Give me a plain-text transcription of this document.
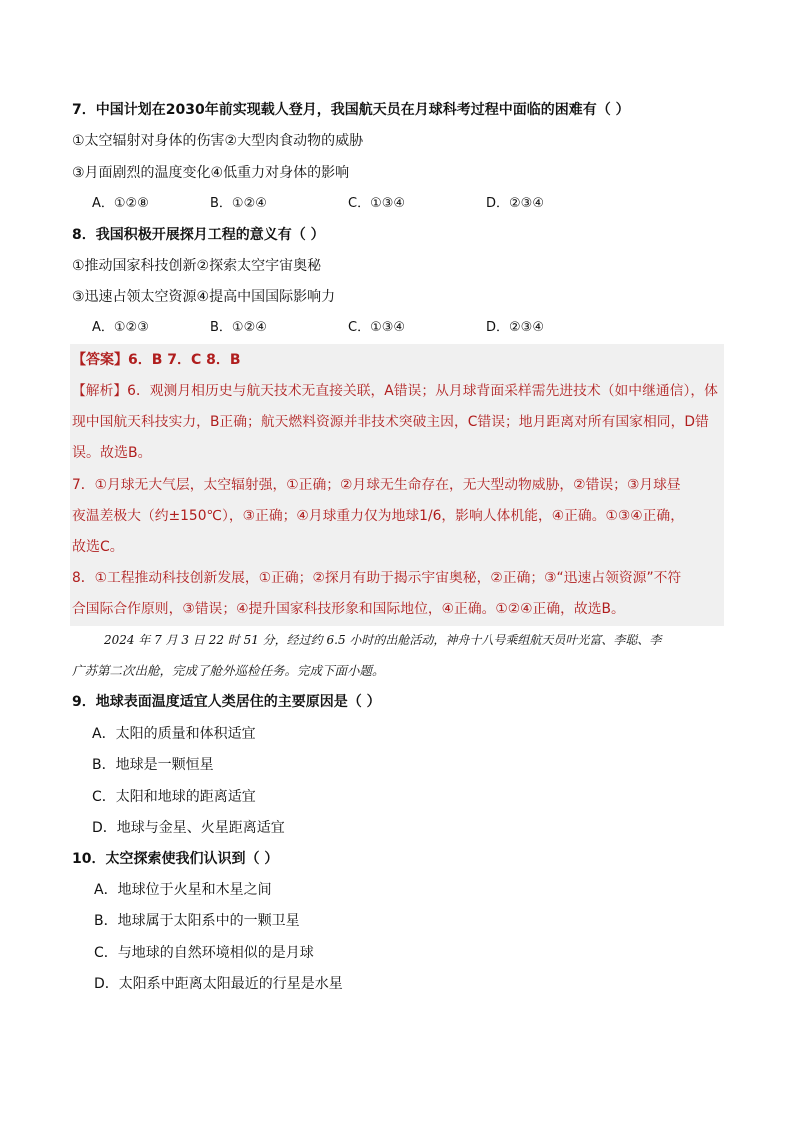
7．中国计划在2030年前实现载人登月，我国航天员在月球科考过程中面临的困难有（ ）
①太空辐射对身体的伤害②大型肉食动物的威胁
③月面剧烈的温度变化④低重力对身体的影响
A．①②⑧	B．①②④	C．①③④	D．②③④
8．我国积极开展探月工程的意义有（ ）
①推动国家科技创新②探索太空宇宙奥秘
③迅速占领太空资源④提高中国国际影响力
A．①②③	B．①②④	C．①③④	D．②③④
【答案】6．B 7．C 8．B
【解析】6．观测月相历史与航天技术无直接关联，A错误；从月球背面采样需先进技术（如中继通信），体
现中国航天科技实力，B正确；航天燃料资源并非技术突破主因，C错误；地月距离对所有国家相同，D错
误。故选B。
7．①月球无大气层，太空辐射强，①正确；②月球无生命存在，无大型动物威胁，②错误；③月球昼
夜温差极大（约±150℃），③正确；④月球重力仅为地球1/6，影响人体机能，④正确。①③④正确，
故选C。
8．①工程推动科技创新发展，①正确；②探月有助于揭示宇宙奥秘，②正确；③“迅速占领资源”不符
合国际合作原则，③错误；④提升国家科技形象和国际地位，④正确。①②④正确，故选B。
2024 年 7 月 3 日 22 时 51 分，经过约 6.5 小时的出舱活动，神舟十八号乘组航天员叶光富、李聪、李
广苏第二次出舱，完成了舱外巡检任务。完成下面小题。
9．地球表面温度适宜人类居住的主要原因是（ ）
A．太阳的质量和体积适宜
B．地球是一颗恒星
C．太阳和地球的距离适宜
D．地球与金星、火星距离适宜
10．太空探索使我们认识到（ ）
A．地球位于火星和木星之间
B．地球属于太阳系中的一颗卫星
C．与地球的自然环境相似的是月球
D．太阳系中距离太阳最近的行星是水星
